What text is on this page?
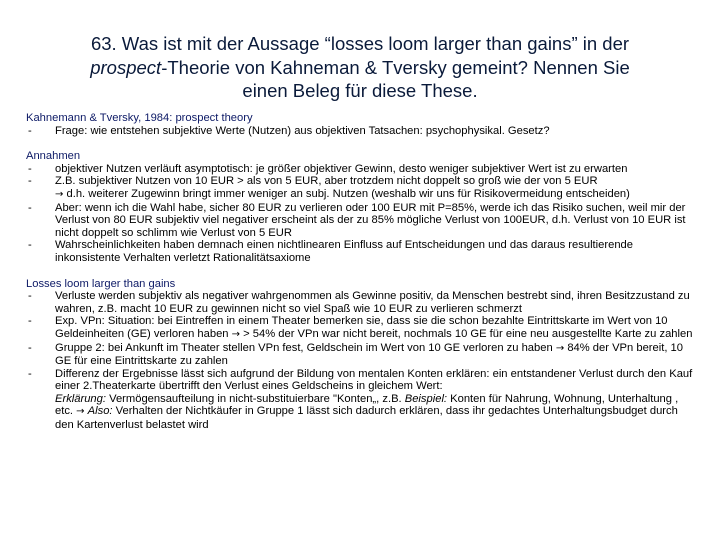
63. Was ist mit der Aussage “losses loom larger than gains” in der
prospect-Theorie von Kahneman & Tversky gemeint? Nennen Sie
einen Beleg für diese These.
Kahnemann & Tversky, 1984: prospect theory
- Frage: wie entstehen subjektive Werte (Nutzen) aus objektiven Tatsachen: psychophysikal. Gesetz?
Annahmen
- objektiver Nutzen verläuft asymptotisch: je größer objektiver Gewinn, desto weniger subjektiver Wert ist zu erwarten
- Z.B. subjektiver Nutzen von 10 EUR > als von 5 EUR, aber trotzdem nicht doppelt so groß wie der von 5 EUR
→ d.h. weiterer Zugewinn bringt immer weniger an subj. Nutzen (weshalb wir uns für Risikovermeidung entscheiden)
- Aber: wenn ich die Wahl habe, sicher 80 EUR zu verlieren oder 100 EUR mit P=85%, werde ich das Risiko suchen, weil mir der Verlust von 80 EUR subjektiv viel negativer erscheint als der zu 85% mögliche Verlust von 100EUR, d.h. Verlust von 10 EUR ist nicht doppelt so schlimm wie Verlust von 5 EUR
- Wahrscheinlichkeiten haben demnach einen nichtlinearen Einfluss auf Entscheidungen und das daraus resultierende inkonsistente Verhalten verletzt Rationalitätsaxiome
Losses loom larger than gains
- Verluste werden subjektiv als negativer wahrgenommen als Gewinne positiv, da Menschen bestrebt sind, ihren Besitzzustand zu wahren, z.B. macht 10 EUR zu gewinnen nicht so viel Spaß wie 10 EUR zu verlieren schmerzt
- Exp. VPn: Situation: bei Eintreffen in einem Theater bemerken sie, dass sie die schon bezahlte Eintrittskarte im Wert von 10 Geldeinheiten (GE) verloren haben → > 54% der VPn war nicht bereit, nochmals 10 GE für eine neu ausgestellte Karte zu zahlen
- Gruppe 2: bei Ankunft im Theater stellen VPn fest, Geldschein im Wert von 10 GE verloren zu haben → 84% der VPn bereit, 10 GE für eine Eintrittskarte zu zahlen
- Differenz der Ergebnisse lässt sich aufgrund der Bildung von mentalen Konten erklären: ein entstandener Verlust durch den Kauf einer 2.Theaterkarte übertrifft den Verlust eines Geldscheins in gleichem Wert:
Erklärung: Vermögensaufteilung in nicht-substituierbare "Konten„, z.B. Beispiel: Konten für Nahrung, Wohnung, Unterhaltung , etc. → Also: Verhalten der Nichtkäufer in Gruppe 1 lässt sich dadurch erklären, dass ihr gedachtes Unterhaltungsbudget durch den Kartenverlust belastet wird
